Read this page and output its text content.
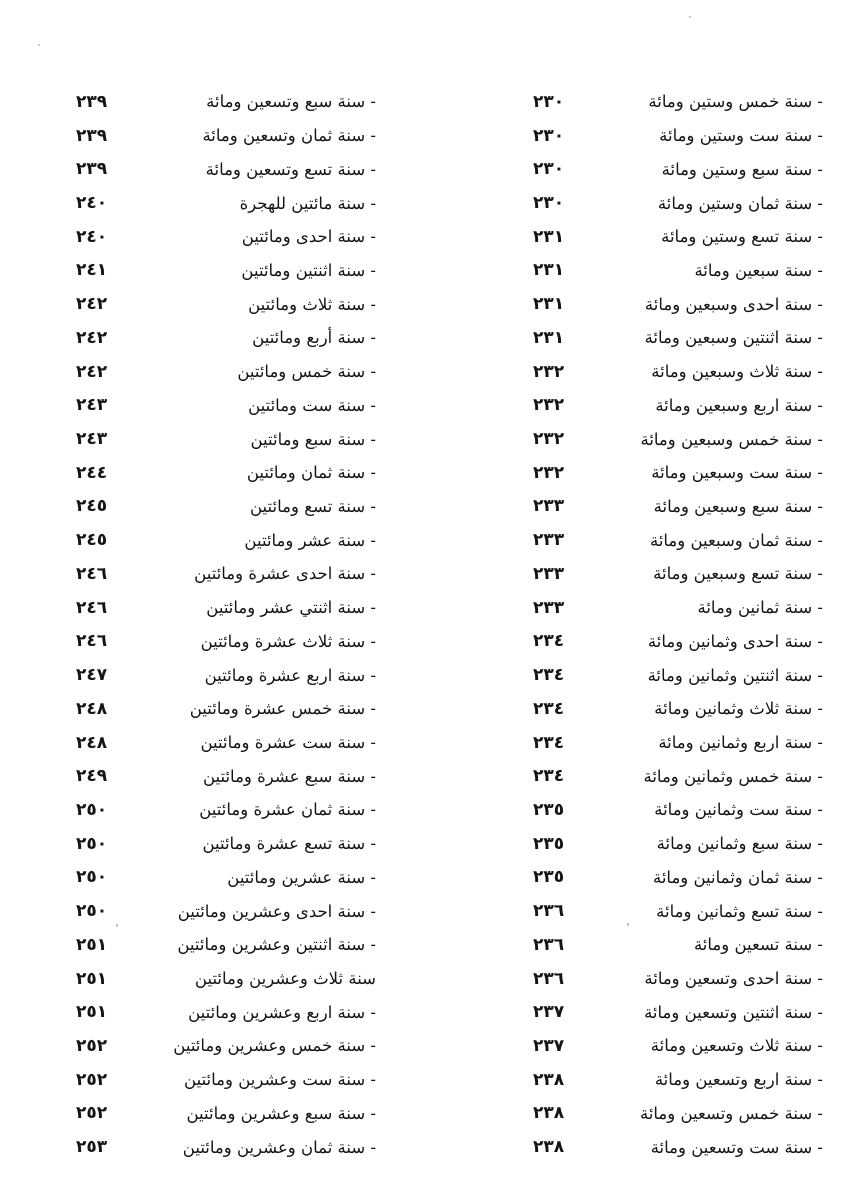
٢٣٠	- سنة خمس وستين ومائة
٢٣٠	- سنة ست وستين ومائة
٢٣٠	- سنة سبع وستين ومائة
٢٣٠	- سنة ثمان وستين ومائة
٢٣١	- سنة تسع وستين ومائة
٢٣١	- سنة سبعين ومائة
٢٣١	- سنة احدى وسبعين ومائة
٢٣١	- سنة اثنتين وسبعين ومائة
٢٣٢	- سنة ثلاث وسبعين ومائة
٢٣٢	- سنة اربع وسبعين ومائة
٢٣٢	- سنة خمس وسبعين ومائة
٢٣٢	- سنة ست وسبعين ومائة
٢٣٣	- سنة سبع وسبعين ومائة
٢٣٣	- سنة ثمان وسبعين ومائة
٢٣٣	- سنة تسع وسبعين ومائة
٢٣٣	- سنة ثمانين ومائة
٢٣٤	- سنة احدى وثمانين ومائة
٢٣٤	- سنة اثنتين وثمانين ومائة
٢٣٤	- سنة ثلاث وثمانين ومائة
٢٣٤	- سنة اربع وثمانين ومائة
٢٣٤	- سنة خمس وثمانين ومائة
٢٣٥	- سنة ست وثمانين ومائة
٢٣٥	- سنة سبع وثمانين ومائة
٢٣٥	- سنة ثمان وثمانين ومائة
٢٣٦	- سنة تسع وثمانين ومائة
٢٣٦	- سنة تسعين ومائة
٢٣٦	- سنة احدى وتسعين ومائة
٢٣٧	- سنة اثنتين وتسعين ومائة
٢٣٧	- سنة ثلاث وتسعين ومائة
٢٣٨	- سنة اربع وتسعين ومائة
٢٣٨	- سنة خمس وتسعين ومائة
٢٣٨	- سنة ست وتسعين ومائة
٢٣٩	- سنة سبع وتسعين ومائة
٢٣٩	- سنة ثمان وتسعين ومائة
٢٣٩	- سنة تسع وتسعين ومائة
٢٤٠	- سنة مائتين للهجرة
٢٤٠	- سنة احدى ومائتين
٢٤١	- سنة اثنتين ومائتين
٢٤٢	- سنة ثلاث ومائتين
٢٤٢	- سنة أربع ومائتين
٢٤٢	- سنة خمس ومائتين
٢٤٣	- سنة ست ومائتين
٢٤٣	- سنة سبع ومائتين
٢٤٤	- سنة ثمان ومائتين
٢٤٥	- سنة تسع ومائتين
٢٤٥	- سنة عشر ومائتين
٢٤٦	- سنة احدى عشرة ومائتين
٢٤٦	- سنة اثنتي عشر ومائتين
٢٤٦	- سنة ثلاث عشرة ومائتين
٢٤٧	- سنة اربع عشرة ومائتين
٢٤٨	- سنة خمس عشرة ومائتين
٢٤٨	- سنة ست عشرة ومائتين
٢٤٩	- سنة سبع عشرة ومائتين
٢٥٠	- سنة ثمان عشرة ومائتين
٢٥٠	- سنة تسع عشرة ومائتين
٢٥٠	- سنة عشرين ومائتين
٢٥٠	- سنة احدى وعشرين ومائتين
٢٥١	- سنة اثنتين وعشرين ومائتين
٢٥١	سنة ثلاث وعشرين ومائتين
٢٥١	- سنة اربع وعشرين ومائتين
٢٥٢	- سنة خمس وعشرين ومائتين
٢٥٢	- سنة ست وعشرين ومائتين
٢٥٢	- سنة سبع وعشرين ومائتين
٢٥٣	- سنة ثمان وعشرين ومائتين
